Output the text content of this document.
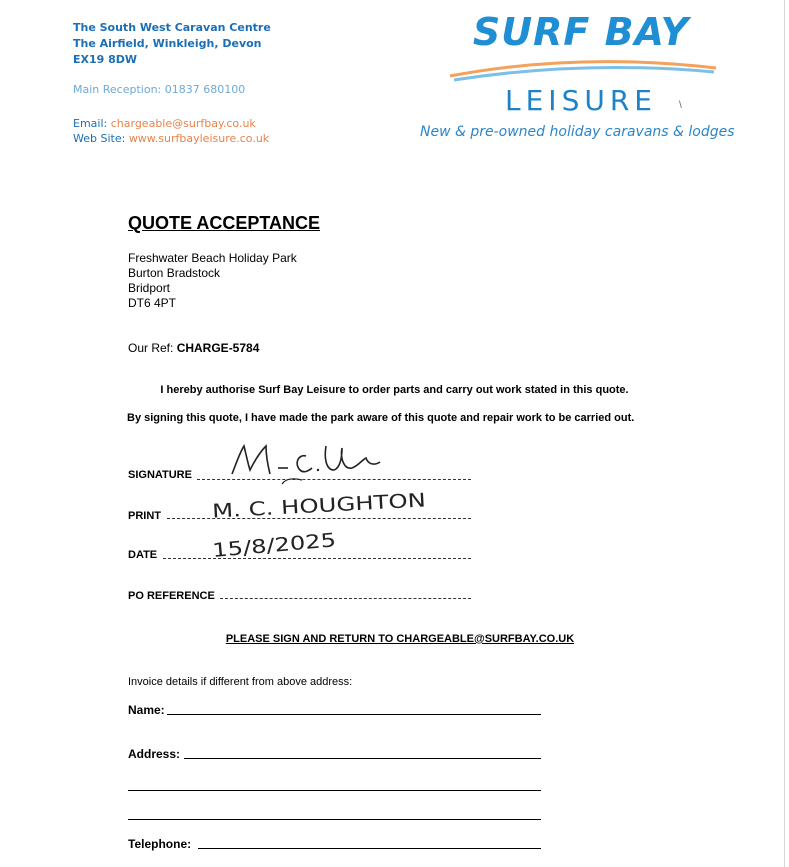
The South West Caravan Centre
The Airfield, Winkleigh, Devon
EX19 8DW
Main Reception: 01837 680100
Email: chargeable@surfbay.co.uk
Web Site: www.surfbayleisure.co.uk
SURF BAY
LEISURE	\
New & pre-owned holiday caravans & lodges
QUOTE ACCEPTANCE
Freshwater Beach Holiday Park
Burton Bradstock
Bridport
DT6 4PT
Our Ref: CHARGE-5784
I hereby authorise Surf Bay Leisure to order parts and carry out work stated in this quote.
By signing this quote, I have made the park aware of this quote and repair work to be carried out.
SIGNATURE
PRINT	M. C. HOUGHTON
DATE	15/8/2025
PO REFERENCE
PLEASE SIGN AND RETURN TO CHARGEABLE@SURFBAY.CO.UK
Invoice details if different from above address:
Name:
Address:
Telephone:
